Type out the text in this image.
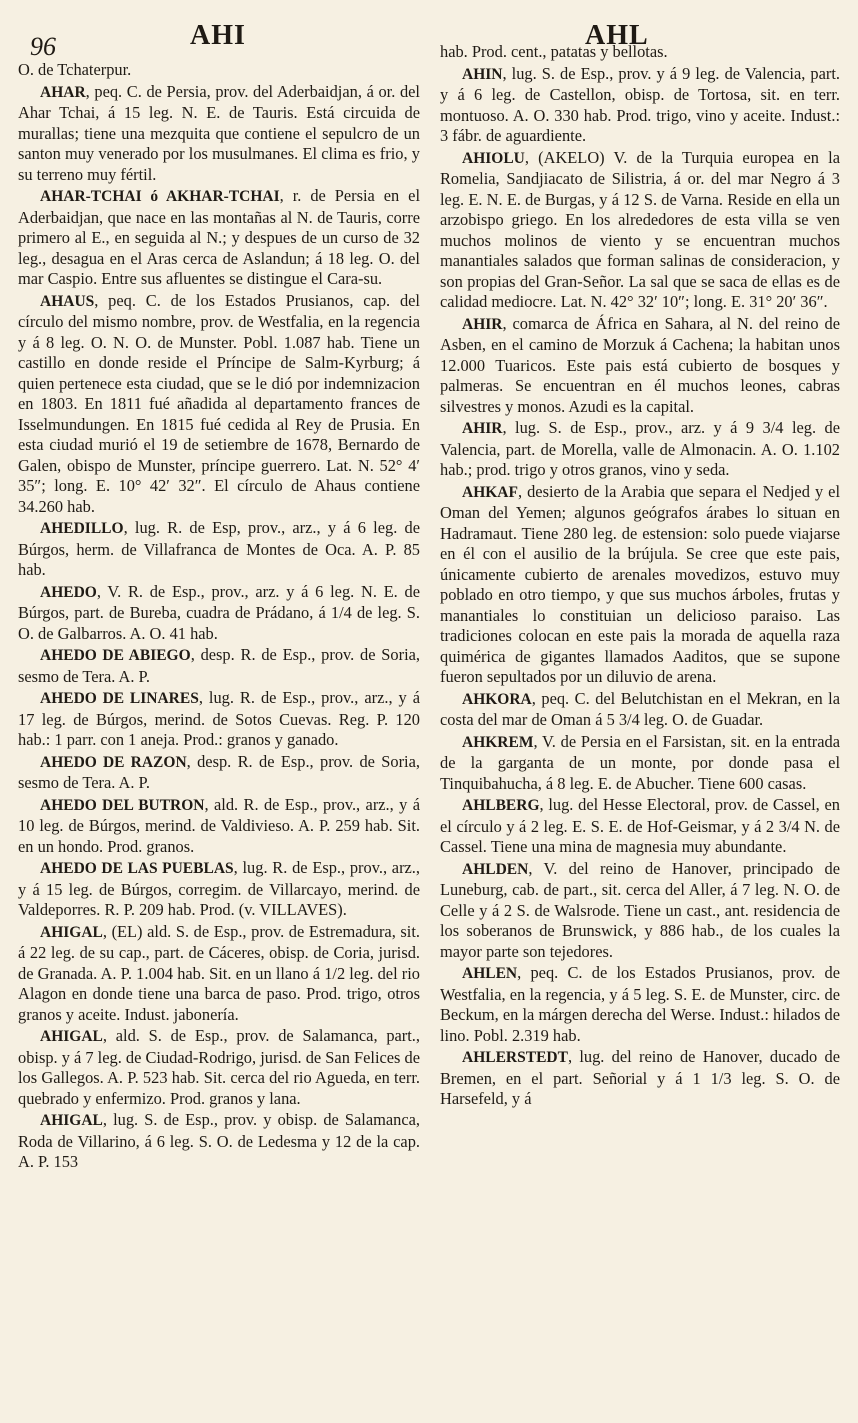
96	AHI	AHL

O. de Tchaterpur.

AHAR, peq. C. de Persia, prov. del Aderbaidjan, á or. del Ahar Tchai, á 15 leg. N. E. de Tauris. Está circuida de murallas; tiene una mezquita que contiene el sepulcro de un santon muy venerado por los musulmanes. El clima es frio, y su terreno muy fértil.

AHAR-TCHAI ó AKHAR-TCHAI, r. de Persia en el Aderbaidjan, que nace en las montañas al N. de Tauris, corre primero al E., en seguida al N.; y despues de un curso de 32 leg., desagua en el Aras cerca de Aslandun; á 18 leg. O. del mar Caspio. Entre sus afluentes se distingue el Cara-su.

AHAUS, peq. C. de los Estados Prusianos, cap. del círculo del mismo nombre, prov. de Westfalia, en la regencia y á 8 leg. O. N. O. de Munster. Pobl. 1.087 hab. Tiene un castillo en donde reside el Príncipe de Salm-Kyrburg; á quien pertenece esta ciudad, que se le dió por indemnizacion en 1803. En 1811 fué añadida al departamento frances de Isselmundungen. En 1815 fué cedida al Rey de Prusia. En esta ciudad murió el 19 de setiembre de 1678, Bernardo de Galen, obispo de Munster, príncipe guerrero. Lat. N. 52° 4′ 35″; long. E. 10° 42′ 32″. El círculo de Ahaus contiene 34.260 hab.

AHEDILLO, lug. R. de Esp, prov., arz., y á 6 leg. de Búrgos, herm. de Villafranca de Montes de Oca. A. P. 85 hab.

AHEDO, V. R. de Esp., prov., arz. y á 6 leg. N. E. de Búrgos, part. de Bureba, cuadra de Prádano, á 1/4 de leg. S. O. de Galbarros. A. O. 41 hab.

AHEDO DE ABIEGO, desp. R. de Esp., prov. de Soria, sesmo de Tera. A. P.

AHEDO DE LINARES, lug. R. de Esp., prov., arz., y á 17 leg. de Búrgos, merind. de Sotos Cuevas. Reg. P. 120 hab.: 1 parr. con 1 aneja. Prod.: granos y ganado.

AHEDO DE RAZON, desp. R. de Esp., prov. de Soria, sesmo de Tera. A. P.

AHEDO DEL BUTRON, ald. R. de Esp., prov., arz., y á 10 leg. de Búrgos, merind. de Valdivieso. A. P. 259 hab. Sit. en un hondo. Prod. granos.

AHEDO DE LAS PUEBLAS, lug. R. de Esp., prov., arz., y á 15 leg. de Búrgos, corregim. de Villarcayo, merind. de Valdeporres. R. P. 209 hab. Prod. (v. VILLAVES).

AHIGAL, (EL) ald. S. de Esp., prov. de Estremadura, sit. á 22 leg. de su cap., part. de Cáceres, obisp. de Coria, jurisd. de Granada. A. P. 1.004 hab. Sit. en un llano á 1/2 leg. del rio Alagon en donde tiene una barca de paso. Prod. trigo, otros granos y aceite. Indust. jabonería.

AHIGAL, ald. S. de Esp., prov. de Salamanca, part., obisp. y á 7 leg. de Ciudad-Rodrigo, jurisd. de San Felices de los Gallegos. A. P. 523 hab. Sit. cerca del rio Agueda, en terr. quebrado y enfermizo. Prod. granos y lana.

AHIGAL, lug. S. de Esp., prov. y obisp. de Salamanca, Roda de Villarino, á 6 leg. S. O. de Ledesma y 12 de la cap. A. P. 153

hab. Prod. cent., patatas y bellotas.

AHIN, lug. S. de Esp., prov. y á 9 leg. de Valencia, part. y á 6 leg. de Castellon, obisp. de Tortosa, sit. en terr. montuoso. A. O. 330 hab. Prod. trigo, vino y aceite. Indust.: 3 fábr. de aguardiente.

AHIOLU, (AKELO) V. de la Turquia europea en la Romelia, Sandjiacato de Silistria, á or. del mar Negro á 3 leg. E. N. E. de Burgas, y á 12 S. de Varna. Reside en ella un arzobispo griego. En los alrededores de esta villa se ven muchos molinos de viento y se encuentran muchos manantiales salados que forman salinas de consideracion, y son propias del Gran-Señor. La sal que se saca de ellas es de calidad mediocre. Lat. N. 42° 32′ 10″; long. E. 31° 20′ 36″.

AHIR, comarca de África en Sahara, al N. del reino de Asben, en el camino de Morzuk á Cachena; la habitan unos 12.000 Tuaricos. Este pais está cubierto de bosques y palmeras. Se encuentran en él muchos leones, cabras silvestres y monos. Azudi es la capital.

AHIR, lug. S. de Esp., prov., arz. y á 9 3/4 leg. de Valencia, part. de Morella, valle de Almonacin. A. O. 1.102 hab.; prod. trigo y otros granos, vino y seda.

AHKAF, desierto de la Arabia que separa el Nedjed y el Oman del Yemen; algunos geógrafos árabes lo situan en Hadramaut. Tiene 280 leg. de estension: solo puede viajarse en él con el ausilio de la brújula. Se cree que este pais, únicamente cubierto de arenales movedizos, estuvo muy poblado en otro tiempo, y que sus muchos árboles, frutas y manantiales lo constituian un delicioso paraiso. Las tradiciones colocan en este pais la morada de aquella raza quimérica de gigantes llamados Aaditos, que se supone fueron sepultados por un diluvio de arena.

AHKORA, peq. C. del Belutchistan en el Mekran, en la costa del mar de Oman á 5 3/4 leg. O. de Guadar.

AHKREM, V. de Persia en el Farsistan, sit. en la entrada de la garganta de un monte, por donde pasa el Tinquibahucha, á 8 leg. E. de Abucher. Tiene 600 casas.

AHLBERG, lug. del Hesse Electoral, prov. de Cassel, en el círculo y á 2 leg. E. S. E. de Hof-Geismar, y á 2 3/4 N. de Cassel. Tiene una mina de magnesia muy abundante.

AHLDEN, V. del reino de Hanover, principado de Luneburg, cab. de part., sit. cerca del Aller, á 7 leg. N. O. de Celle y á 2 S. de Walsrode. Tiene un cast., ant. residencia de los soberanos de Brunswick, y 886 hab., de los cuales la mayor parte son tejedores.

AHLEN, peq. C. de los Estados Prusianos, prov. de Westfalia, en la regencia, y á 5 leg. S. E. de Munster, circ. de Beckum, en la márgen derecha del Werse. Indust.: hilados de lino. Pobl. 2.319 hab.

AHLERSTEDT, lug. del reino de Hanover, ducado de Bremen, en el part. Señorial y á 1 1/3 leg. S. O. de Harsefeld, y á
